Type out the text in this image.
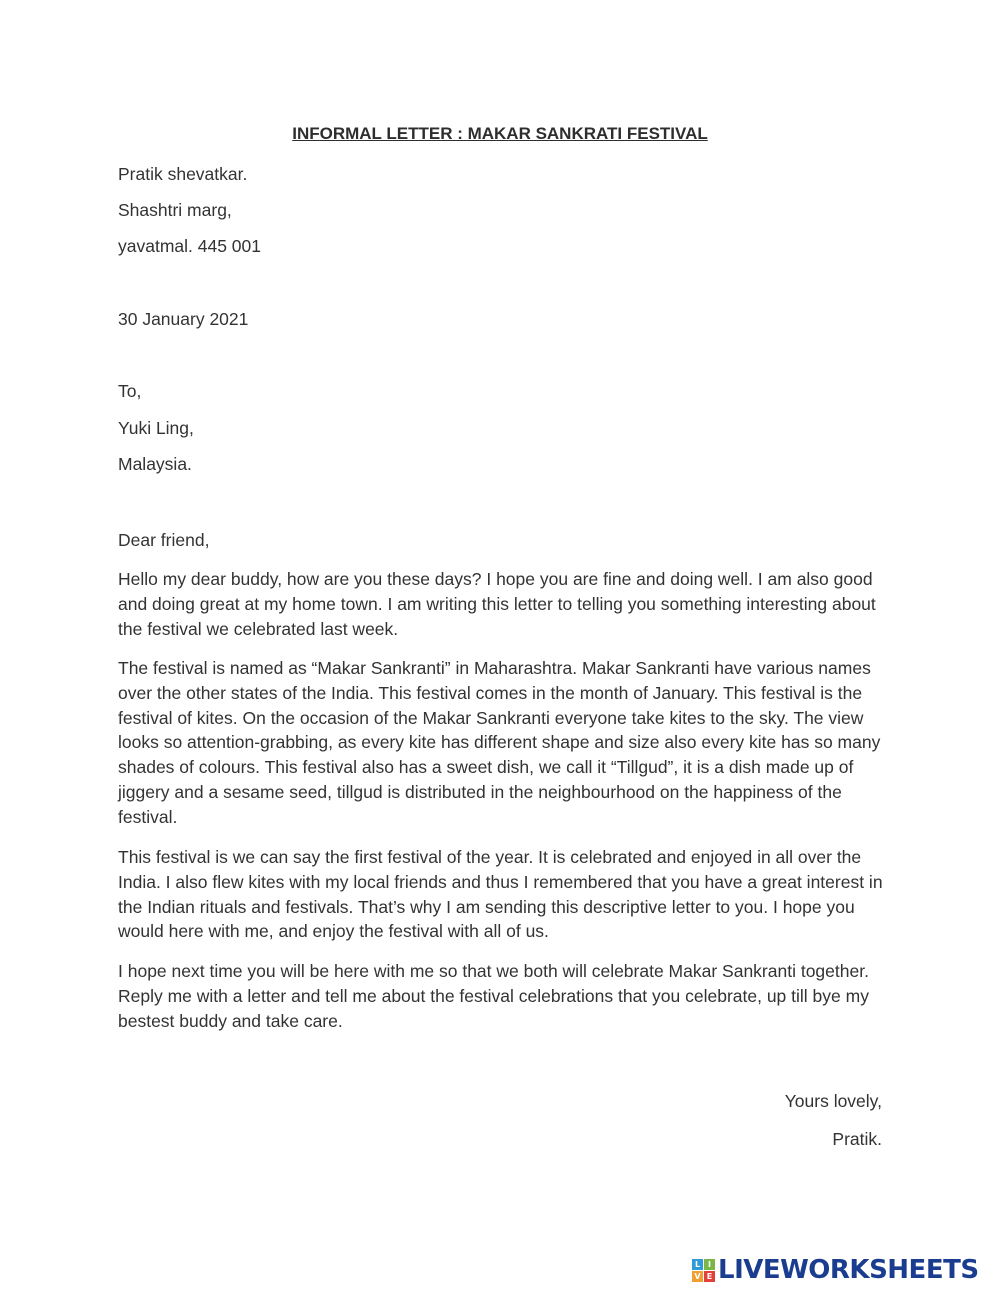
INFORMAL LETTER : MAKAR SANKRATI FESTIVAL

Pratik shevatkar.

Shashtri marg,

yavatmal. 445 001

30 January 2021

To,

Yuki Ling,

Malaysia.

Dear friend,

Hello my dear buddy, how are you these days? I hope you are fine and doing well. I am also good and doing great at my home town. I am writing this letter to telling you something interesting about the festival we celebrated last week.

The festival is named as “Makar Sankranti” in Maharashtra. Makar Sankranti have various names over the other states of the India. This festival comes in the month of January. This festival is the festival of kites. On the occasion of the Makar Sankranti everyone take kites to the sky. The view looks so attention-grabbing, as every kite has different shape and size also every kite has so many shades of colours. This festival also has a sweet dish, we call it “Tillgud”, it is a dish made up of jiggery and a sesame seed, tillgud is distributed in the neighbourhood on the happiness of the festival.

This festival is we can say the first festival of the year. It is celebrated and enjoyed in all over the India. I also flew kites with my local friends and thus I remembered that you have a great interest in the Indian rituals and festivals. That’s why I am sending this descriptive letter to you. I hope you would here with me, and enjoy the festival with all of us.

I hope next time you will be here with me so that we both will celebrate Makar Sankranti together. Reply me with a letter and tell me about the festival celebrations that you celebrate, up till bye my bestest buddy and take care.

Yours lovely,

Pratik.

L I
V E LIVEWORKSHEETS
